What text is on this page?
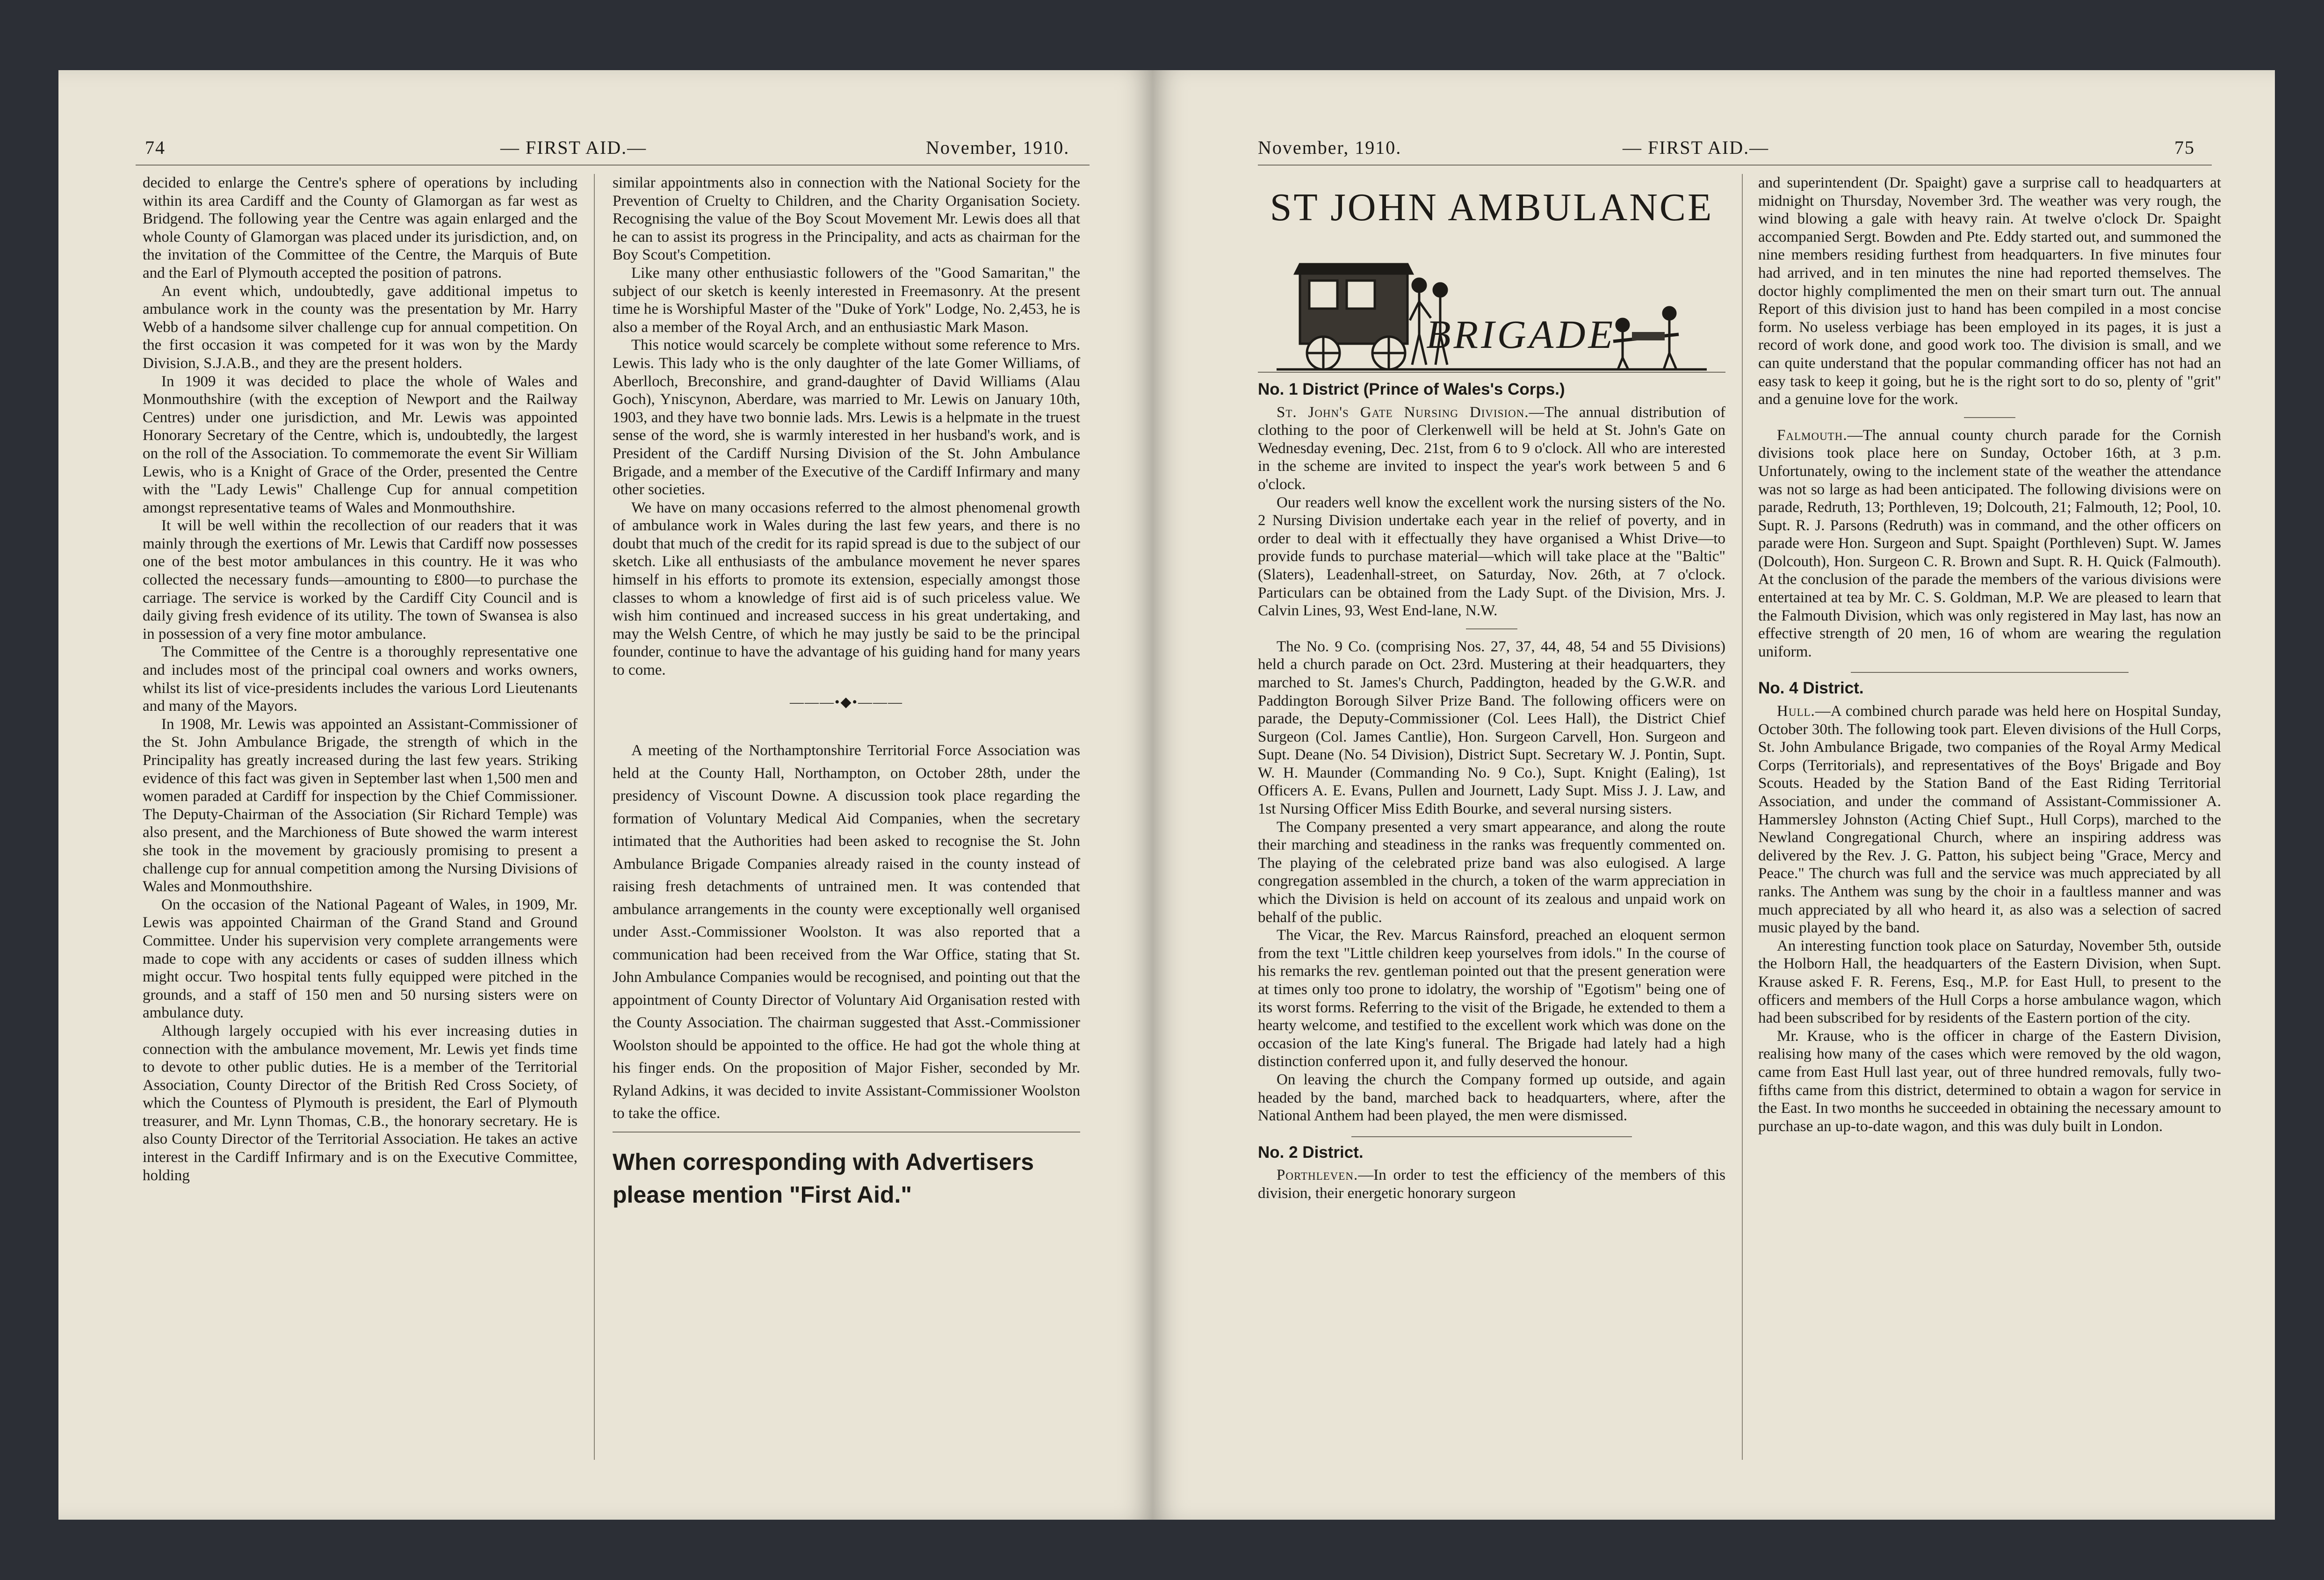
74	— FIRST AID.—	November, 1910.

decided to enlarge the Centre's sphere of operations by including within its area Cardiff and the County of Glamorgan as far west as Bridgend. The following year the Centre was again enlarged and the whole County of Glamorgan was placed under its jurisdiction, and, on the invitation of the Committee of the Centre, the Marquis of Bute and the Earl of Plymouth accepted the position of patrons.

An event which, undoubtedly, gave additional impetus to ambulance work in the county was the presentation by Mr. Harry Webb of a handsome silver challenge cup for annual competition. On the first occasion it was competed for it was won by the Mardy Division, S.J.A.B., and they are the present holders.

In 1909 it was decided to place the whole of Wales and Monmouthshire (with the exception of Newport and the Railway Centres) under one jurisdiction, and Mr. Lewis was appointed Honorary Secretary of the Centre, which is, undoubtedly, the largest on the roll of the Association. To commemorate the event Sir William Lewis, who is a Knight of Grace of the Order, presented the Centre with the "Lady Lewis" Challenge Cup for annual competition amongst representative teams of Wales and Monmouthshire.

It will be well within the recollection of our readers that it was mainly through the exertions of Mr. Lewis that Cardiff now possesses one of the best motor ambulances in this country. He it was who collected the necessary funds—amounting to £800—to purchase the carriage. The service is worked by the Cardiff City Council and is daily giving fresh evidence of its utility. The town of Swansea is also in possession of a very fine motor ambulance.

The Committee of the Centre is a thoroughly representative one and includes most of the principal coal owners and works owners, whilst its list of vice-presidents includes the various Lord Lieutenants and many of the Mayors.

In 1908, Mr. Lewis was appointed an Assistant-Commissioner of the St. John Ambulance Brigade, the strength of which in the Principality has greatly increased during the last few years. Striking evidence of this fact was given in September last when 1,500 men and women paraded at Cardiff for inspection by the Chief Commissioner. The Deputy-Chairman of the Association (Sir Richard Temple) was also present, and the Marchioness of Bute showed the warm interest she took in the movement by graciously promising to present a challenge cup for annual competition among the Nursing Divisions of Wales and Monmouthshire.

On the occasion of the National Pageant of Wales, in 1909, Mr. Lewis was appointed Chairman of the Grand Stand and Ground Committee. Under his supervision very complete arrangements were made to cope with any accidents or cases of sudden illness which might occur. Two hospital tents fully equipped were pitched in the grounds, and a staff of 150 men and 50 nursing sisters were on ambulance duty.

Although largely occupied with his ever increasing duties in connection with the ambulance movement, Mr. Lewis yet finds time to devote to other public duties. He is a member of the Territorial Association, County Director of the British Red Cross Society, of which the Countess of Plymouth is president, the Earl of Plymouth treasurer, and Mr. Lynn Thomas, C.B., the honorary secretary. He is also County Director of the Territorial Association. He takes an active interest in the Cardiff Infirmary and is on the Executive Committee, holding

similar appointments also in connection with the National Society for the Prevention of Cruelty to Children, and the Charity Organisation Society. Recognising the value of the Boy Scout Movement Mr. Lewis does all that he can to assist its progress in the Principality, and acts as chairman for the Boy Scout's Competition.

Like many other enthusiastic followers of the "Good Samaritan," the subject of our sketch is keenly interested in Freemasonry. At the present time he is Worshipful Master of the "Duke of York" Lodge, No. 2,453, he is also a member of the Royal Arch, and an enthusiastic Mark Mason.

This notice would scarcely be complete without some reference to Mrs. Lewis. This lady who is the only daughter of the late Gomer Williams, of Aberlloch, Breconshire, and grand-daughter of David Williams (Alau Goch), Yniscynon, Aberdare, was married to Mr. Lewis on January 10th, 1903, and they have two bonnie lads. Mrs. Lewis is a helpmate in the truest sense of the word, she is warmly interested in her husband's work, and is President of the Cardiff Nursing Division of the St. John Ambulance Brigade, and a member of the Executive of the Cardiff Infirmary and many other societies.

We have on many occasions referred to the almost phenomenal growth of ambulance work in Wales during the last few years, and there is no doubt that much of the credit for its rapid spread is due to the subject of our sketch. Like all enthusiasts of the ambulance movement he never spares himself in his efforts to promote its extension, especially amongst those classes to whom a knowledge of first aid is of such priceless value. We wish him continued and increased success in his great undertaking, and may the Welsh Centre, of which he may justly be said to be the principal founder, continue to have the advantage of his guiding hand for many years to come.

———•◆•———

A meeting of the Northamptonshire Territorial Force Association was held at the County Hall, Northampton, on October 28th, under the presidency of Viscount Downe. A discussion took place regarding the formation of Voluntary Medical Aid Companies, when the secretary intimated that the Authorities had been asked to recognise the St. John Ambulance Brigade Companies already raised in the county instead of raising fresh detachments of untrained men. It was contended that ambulance arrangements in the county were exceptionally well organised under Asst.-Commissioner Woolston. It was also reported that a communication had been received from the War Office, stating that St. John Ambulance Companies would be recognised, and pointing out that the appointment of County Director of Voluntary Aid Organisation rested with the County Association. The chairman suggested that Asst.-Commissioner Woolston should be appointed to the office. He had got the whole thing at his finger ends. On the proposition of Major Fisher, seconded by Mr. Ryland Adkins, it was decided to invite Assistant-Commissioner Woolston to take the office.

When corresponding with Advertisers please mention "First Aid."
November, 1910.	— FIRST AID.—	75
ST JOHN AMBULANCE
BRIGADE
No. 1 District (Prince of Wales's Corps.)

St. John's Gate Nursing Division.—The annual distribution of clothing to the poor of Clerkenwell will be held at St. John's Gate on Wednesday evening, Dec. 21st, from 6 to 9 o'clock. All who are interested in the scheme are invited to inspect the year's work between 5 and 6 o'clock.

Our readers well know the excellent work the nursing sisters of the No. 2 Nursing Division undertake each year in the relief of poverty, and in order to deal with it effectually they have organised a Whist Drive—to provide funds to purchase material—which will take place at the "Baltic" (Slaters), Leadenhall-street, on Saturday, Nov. 26th, at 7 o'clock. Particulars can be obtained from the Lady Supt. of the Division, Mrs. J. Calvin Lines, 93, West End-lane, N.W.

The No. 9 Co. (comprising Nos. 27, 37, 44, 48, 54 and 55 Divisions) held a church parade on Oct. 23rd. Mustering at their headquarters, they marched to St. James's Church, Paddington, headed by the G.W.R. and Paddington Borough Silver Prize Band. The following officers were on parade, the Deputy-Commissioner (Col. Lees Hall), the District Chief Surgeon (Col. James Cantlie), Hon. Surgeon Carvell, Hon. Surgeon and Supt. Deane (No. 54 Division), District Supt. Secretary W. J. Pontin, Supt. W. H. Maunder (Commanding No. 9 Co.), Supt. Knight (Ealing), 1st Officers A. E. Evans, Pullen and Journett, Lady Supt. Miss J. J. Law, and 1st Nursing Officer Miss Edith Bourke, and several nursing sisters.

The Company presented a very smart appearance, and along the route their marching and steadiness in the ranks was frequently commented on. The playing of the celebrated prize band was also eulogised. A large congregation assembled in the church, a token of the warm appreciation in which the Division is held on account of its zealous and unpaid work on behalf of the public.

The Vicar, the Rev. Marcus Rainsford, preached an eloquent sermon from the text "Little children keep yourselves from idols." In the course of his remarks the rev. gentleman pointed out that the present generation were at times only too prone to idolatry, the worship of "Egotism" being one of its worst forms. Referring to the visit of the Brigade, he extended to them a hearty welcome, and testified to the excellent work which was done on the occasion of the late King's funeral. The Brigade had lately had a high distinction conferred upon it, and fully deserved the honour.

On leaving the church the Company formed up outside, and again headed by the band, marched back to headquarters, where, after the National Anthem had been played, the men were dismissed.

No. 2 District.

Porthleven.—In order to test the efficiency of the members of this division, their energetic honorary surgeon

and superintendent (Dr. Spaight) gave a surprise call to headquarters at midnight on Thursday, November 3rd. The weather was very rough, the wind blowing a gale with heavy rain. At twelve o'clock Dr. Spaight accompanied Sergt. Bowden and Pte. Eddy started out, and summoned the nine members residing furthest from headquarters. In five minutes four had arrived, and in ten minutes the nine had reported themselves. The doctor highly complimented the men on their smart turn out. The annual Report of this division just to hand has been compiled in a most concise form. No useless verbiage has been employed in its pages, it is just a record of work done, and good work too. The division is small, and we can quite understand that the popular commanding officer has not had an easy task to keep it going, but he is the right sort to do so, plenty of "grit" and a genuine love for the work.

Falmouth.—The annual county church parade for the Cornish divisions took place here on Sunday, October 16th, at 3 p.m. Unfortunately, owing to the inclement state of the weather the attendance was not so large as had been anticipated. The following divisions were on parade, Redruth, 13; Porthleven, 19; Dolcouth, 21; Falmouth, 12; Pool, 10. Supt. R. J. Parsons (Redruth) was in command, and the other officers on parade were Hon. Surgeon and Supt. Spaight (Porthleven) Supt. W. James (Dolcouth), Hon. Surgeon C. R. Brown and Supt. R. H. Quick (Falmouth). At the conclusion of the parade the members of the various divisions were entertained at tea by Mr. C. S. Goldman, M.P. We are pleased to learn that the Falmouth Division, which was only registered in May last, has now an effective strength of 20 men, 16 of whom are wearing the regulation uniform.

No. 4 District.

Hull.—A combined church parade was held here on Hospital Sunday, October 30th. The following took part. Eleven divisions of the Hull Corps, St. John Ambulance Brigade, two companies of the Royal Army Medical Corps (Territorials), and representatives of the Boys' Brigade and Boy Scouts. Headed by the Station Band of the East Riding Territorial Association, and under the command of Assistant-Commissioner A. Hammersley Johnston (Acting Chief Supt., Hull Corps), marched to the Newland Congregational Church, where an inspiring address was delivered by the Rev. J. G. Patton, his subject being "Grace, Mercy and Peace." The church was full and the service was much appreciated by all ranks. The Anthem was sung by the choir in a faultless manner and was much appreciated by all who heard it, as also was a selection of sacred music played by the band.

An interesting function took place on Saturday, November 5th, outside the Holborn Hall, the headquarters of the Eastern Division, when Supt. Krause asked F. R. Ferens, Esq., M.P. for East Hull, to present to the officers and members of the Hull Corps a horse ambulance wagon, which had been subscribed for by residents of the Eastern portion of the city.

Mr. Krause, who is the officer in charge of the Eastern Division, realising how many of the cases which were removed by the old wagon, came from East Hull last year, out of three hundred removals, fully two-fifths came from this district, determined to obtain a wagon for service in the East. In two months he succeeded in obtaining the necessary amount to purchase an up-to-date wagon, and this was duly built in London.
